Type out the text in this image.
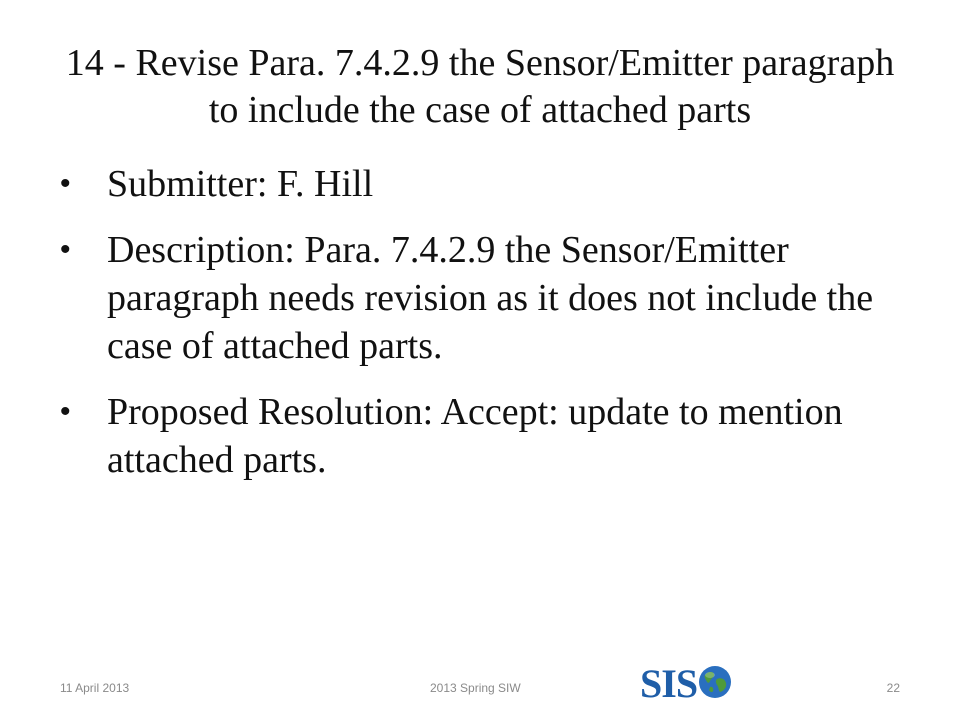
14 - Revise Para. 7.4.2.9 the Sensor/Emitter paragraph to include the case of attached parts
• Submitter: F. Hill
• Description: Para. 7.4.2.9 the Sensor/Emitter paragraph needs revision as it does not include the case of attached parts.
• Proposed Resolution: Accept: update to mention attached parts.
11 April 2013	2013 Spring SIW	SIS	22
